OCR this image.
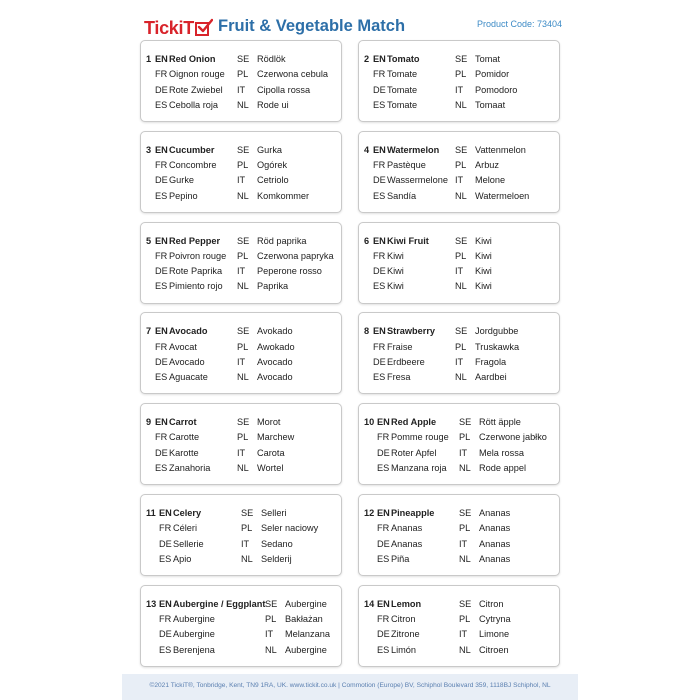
TickiT Fruit & Vegetable Match	Product Code: 73404
1 EN Red Onion SE Rödlök
FR Oignon rouge PL Czerwona cebula
DE Rote Zwiebel IT Cipolla rossa
ES Cebolla roja NL Rode ui
2 EN Tomato	SE Tomat
FR Tomate	PL Pomidor
DE Tomate	IT Pomodoro
ES Tomate	NL Tomaat
3 EN Cucumber SE Gurka
FR Concombre PL Ogórek
DE Gurke	IT Cetriolo
ES Pepino	NL Komkommer
4 EN Watermelon SE Vattenmelon
FR Pastèque	PL Arbuz
DE Wassermelone IT Melone
ES Sandía	NL Watermeloen
5 EN Red Pepper SE Röd paprika
FR Poivron rouge PL Czerwona papryka
DE Rote Paprika IT Peperone rosso
ES Pimiento rojo NL Paprika
6 EN Kiwi Fruit	SE Kiwi
FR Kiwi	PL Kiwi
DE Kiwi	IT Kiwi
ES Kiwi	NL Kiwi
7 EN Avocado	SE Avokado
FR Avocat	PL Awokado
DE Avocado	IT Avocado
ES Aguacate	NL Avocado
8 EN Strawberry SE Jordgubbe
FR Fraise	PL Truskawka
DE Erdbeere	IT Fragola
ES Fresa	NL Aardbei
9 EN Carrot	SE Morot
FR Carotte	PL Marchew
DE Karotte	IT Carota
ES Zanahoria	NL Wortel
10 EN Red Apple SE Rött äpple
FR Pomme rouge PL Czerwone jabłko
DE Roter Apfel IT Mela rossa
ES Manzana roja NL Rode appel
11 EN Celery	SE Selleri
FR Céleri	PL Seler naciowy
DE Sellerie	IT Sedano
ES Apio	NL Selderij
12 EN Pineapple	SE Ananas
FR Ananas	PL Ananas
DE Ananas	IT Ananas
ES Piña	NL Ananas
13 EN Aubergine / Eggplant SE Aubergine
FR Aubergine	PL Bakłażan
DE Aubergine	IT Melanzana
ES Berenjena	NL Aubergine
14 EN Lemon	SE Citron
FR Citron	PL Cytryna
DE Zitrone	IT Limone
ES Limón	NL Citroen
©2021 TickiT®, Tonbridge, Kent, TN9 1RA, UK. www.tickit.co.uk | Commotion (Europe) BV, Schiphol Boulevard 359, 1118BJ Schiphol, NL
